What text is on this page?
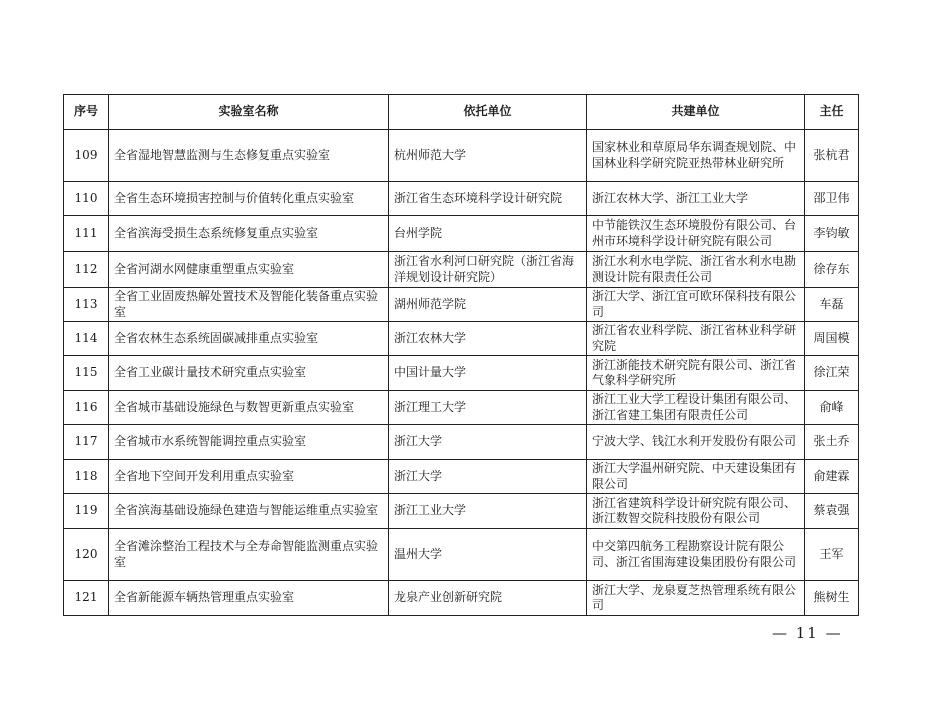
序号	实验室名称	依托单位	共建单位	主任
109	全省湿地智慧监测与生态修复重点实验室	杭州师范大学	国家林业和草原局华东调查规划院、中国林业科学研究院亚热带林业研究所	张杭君
110	全省生态环境损害控制与价值转化重点实验室	浙江省生态环境科学设计研究院	浙江农林大学、浙江工业大学	邵卫伟
111	全省滨海受损生态系统修复重点实验室	台州学院	中节能铁汉生态环境股份有限公司、台州市环境科学设计研究院有限公司	李钧敏
112	全省河湖水网健康重塑重点实验室	浙江省水利河口研究院（浙江省海洋规划设计研究院）	浙江水利水电学院、浙江省水利水电勘测设计院有限责任公司	徐存东
113	全省工业固废热解处置技术及智能化装备重点实验室	湖州师范学院	浙江大学、浙江宜可欧环保科技有限公司	车磊
114	全省农林生态系统固碳减排重点实验室	浙江农林大学	浙江省农业科学院、浙江省林业科学研究院	周国模
115	全省工业碳计量技术研究重点实验室	中国计量大学	浙江浙能技术研究院有限公司、浙江省气象科学研究所	徐江荣
116	全省城市基础设施绿色与数智更新重点实验室	浙江理工大学	浙江工业大学工程设计集团有限公司、浙江省建工集团有限责任公司	俞峰
117	全省城市水系统智能调控重点实验室	浙江大学	宁波大学、钱江水利开发股份有限公司	张土乔
118	全省地下空间开发利用重点实验室	浙江大学	浙江大学温州研究院、中天建设集团有限公司	俞建霖
119	全省滨海基础设施绿色建造与智能运维重点实验室	浙江工业大学	浙江省建筑科学设计研究院有限公司、浙江数智交院科技股份有限公司	蔡袁强
120	全省滩涂整治工程技术与全寿命智能监测重点实验室	温州大学	中交第四航务工程勘察设计院有限公司、浙江省围海建设集团股份有限公司	王军
121	全省新能源车辆热管理重点实验室	龙泉产业创新研究院	浙江大学、龙泉夏芝热管理系统有限公司	熊树生
— 11 —
